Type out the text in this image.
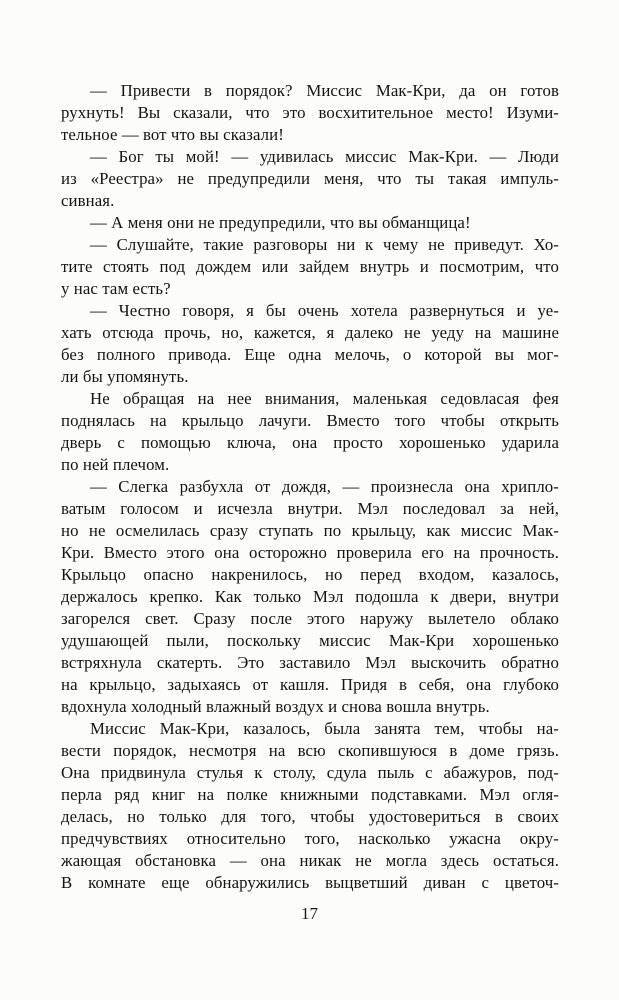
— Привести в порядок? Миссис Мак-Кри, да он готов
рухнуть! Вы сказали, что это восхитительное место! Изуми-
тельное — вот что вы сказали!
— Бог ты мой! — удивилась миссис Мак-Кри. — Люди
из «Реестра» не предупредили меня, что ты такая импуль-
сивная.
— А меня они не предупредили, что вы обманщица!
— Слушайте, такие разговоры ни к чему не приведут. Хо-
тите стоять под дождем или зайдем внутрь и посмотрим, что
у нас там есть?
— Честно говоря, я бы очень хотела развернуться и уе-
хать отсюда прочь, но, кажется, я далеко не уеду на машине
без полного привода. Еще одна мелочь, о которой вы мог-
ли бы упомянуть.
Не обращая на нее внимания, маленькая седовласая фея
поднялась на крыльцо лачуги. Вместо того чтобы открыть
дверь с помощью ключа, она просто хорошенько ударила
по ней плечом.
— Слегка разбухла от дождя, — произнесла она хрипло-
ватым голосом и исчезла внутри. Мэл последовал за ней,
но не осмелилась сразу ступать по крыльцу, как миссис Мак-
Кри. Вместо этого она осторожно проверила его на прочность.
Крыльцо опасно накренилось, но перед входом, казалось,
держалось крепко. Как только Мэл подошла к двери, внутри
загорелся свет. Сразу после этого наружу вылетело облако
удушающей пыли, поскольку миссис Мак-Кри хорошенько
встряхнула скатерть. Это заставило Мэл выскочить обратно
на крыльцо, задыхаясь от кашля. Придя в себя, она глубоко
вдохнула холодный влажный воздух и снова вошла внутрь.
Миссис Мак-Кри, казалось, была занята тем, чтобы на-
вести порядок, несмотря на всю скопившуюся в доме грязь.
Она придвинула стулья к столу, сдула пыль с абажуров, под-
перла ряд книг на полке книжными подставками. Мэл огля-
делась, но только для того, чтобы удостовериться в своих
предчувствиях относительно того, насколько ужасна окру-
жающая обстановка — она никак не могла здесь остаться.
В комнате еще обнаружились выцветший диван с цветоч-
17
